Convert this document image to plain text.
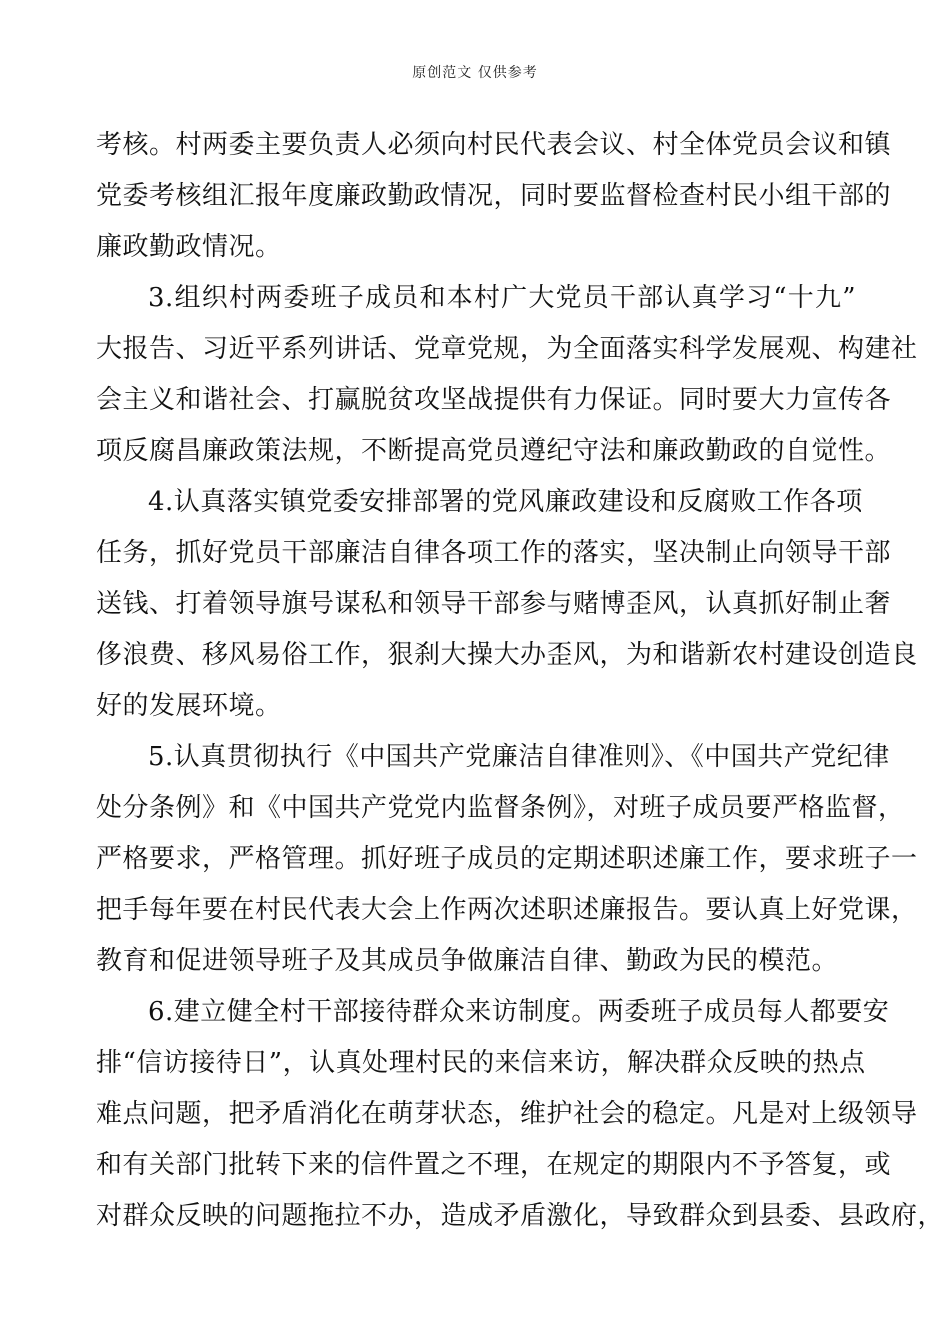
原创范文 仅供参考
考核。村两委主要负责人必须向村民代表会议、村全体党员会议和镇
党委考核组汇报年度廉政勤政情况，同时要监督检查村民小组干部的
廉政勤政情况。
3.组织村两委班子成员和本村广大党员干部认真学习“十九”
大报告、习近平系列讲话、党章党规，为全面落实科学发展观、构建社
会主义和谐社会、打赢脱贫攻坚战提供有力保证。同时要大力宣传各
项反腐昌廉政策法规，不断提高党员遵纪守法和廉政勤政的自觉性。
4.认真落实镇党委安排部署的党风廉政建设和反腐败工作各项
任务，抓好党员干部廉洁自律各项工作的落实，坚决制止向领导干部
送钱、打着领导旗号谋私和领导干部参与赌博歪风，认真抓好制止奢
侈浪费、移风易俗工作，狠刹大操大办歪风，为和谐新农村建设创造良
好的发展环境。
5.认真贯彻执行《中国共产党廉洁自律准则》、《中国共产党纪律
处分条例》和《中国共产党党内监督条例》，对班子成员要严格监督，
严格要求，严格管理。抓好班子成员的定期述职述廉工作，要求班子一
把手每年要在村民代表大会上作两次述职述廉报告。要认真上好党课，
教育和促进领导班子及其成员争做廉洁自律、勤政为民的模范。
6.建立健全村干部接待群众来访制度。两委班子成员每人都要安
排“信访接待日”，认真处理村民的来信来访，解决群众反映的热点
难点问题，把矛盾消化在萌芽状态，维护社会的稳定。凡是对上级领导
和有关部门批转下来的信件置之不理，在规定的期限内不予答复，或
对群众反映的问题拖拉不办，造成矛盾激化，导致群众到县委、县政府，
